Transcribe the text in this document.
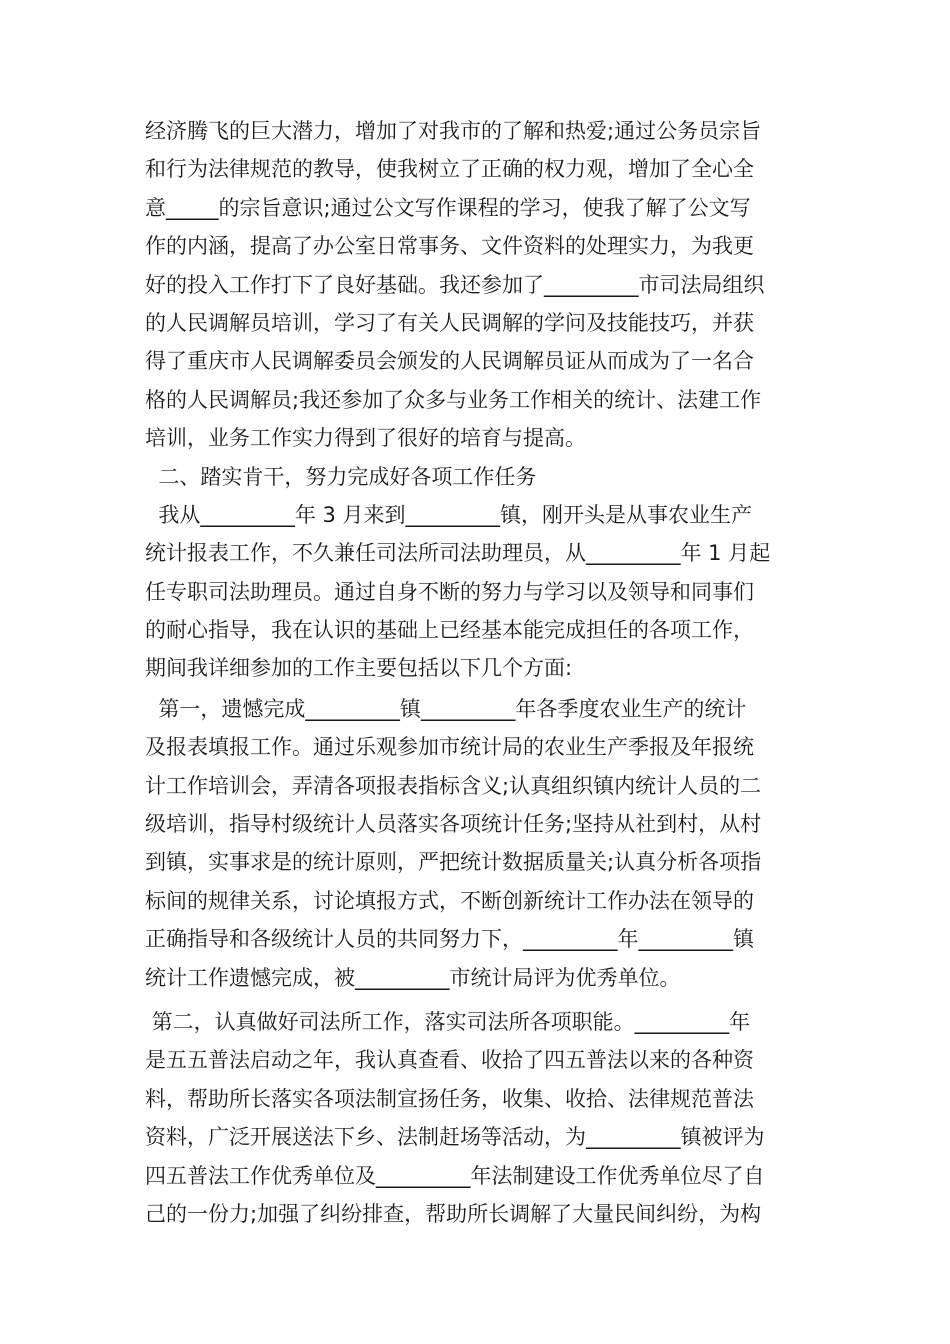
经济腾飞的巨大潜力，增加了对我市的了解和热爱;通过公务员宗旨
和行为法律规范的教导，使我树立了正确的权力观，增加了全心全
意_____的宗旨意识;通过公文写作课程的学习，使我了解了公文写
作的内涵，提高了办公室日常事务、文件资料的处理实力，为我更
好的投入工作打下了良好基础。我还参加了_________市司法局组织
的人民调解员培训，学习了有关人民调解的学问及技能技巧，并获
得了重庆市人民调解委员会颁发的人民调解员证从而成为了一名合
格的人民调解员;我还参加了众多与业务工作相关的统计、法建工作
培训，业务工作实力得到了很好的培育与提高。
二、踏实肯干，努力完成好各项工作任务
我从_________年 3 月来到_________镇，刚开头是从事农业生产
统计报表工作，不久兼任司法所司法助理员，从_________年 1 月起
任专职司法助理员。通过自身不断的努力与学习以及领导和同事们
的耐心指导，我在认识的基础上已经基本能完成担任的各项工作，
期间我详细参加的工作主要包括以下几个方面:
第一，遗憾完成_________镇_________年各季度农业生产的统计
及报表填报工作。通过乐观参加市统计局的农业生产季报及年报统
计工作培训会，弄清各项报表指标含义;认真组织镇内统计人员的二
级培训，指导村级统计人员落实各项统计任务;坚持从社到村，从村
到镇，实事求是的统计原则，严把统计数据质量关;认真分析各项指
标间的规律关系，讨论填报方式，不断创新统计工作办法在领导的
正确指导和各级统计人员的共同努力下，_________年_________镇
统计工作遗憾完成，被_________市统计局评为优秀单位。
第二，认真做好司法所工作，落实司法所各项职能。_________年
是五五普法启动之年，我认真查看、收拾了四五普法以来的各种资
料，帮助所长落实各项法制宣扬任务，收集、收拾、法律规范普法
资料，广泛开展送法下乡、法制赶场等活动，为_________镇被评为
四五普法工作优秀单位及_________年法制建设工作优秀单位尽了自
己的一份力;加强了纠纷排查，帮助所长调解了大量民间纠纷，为构
